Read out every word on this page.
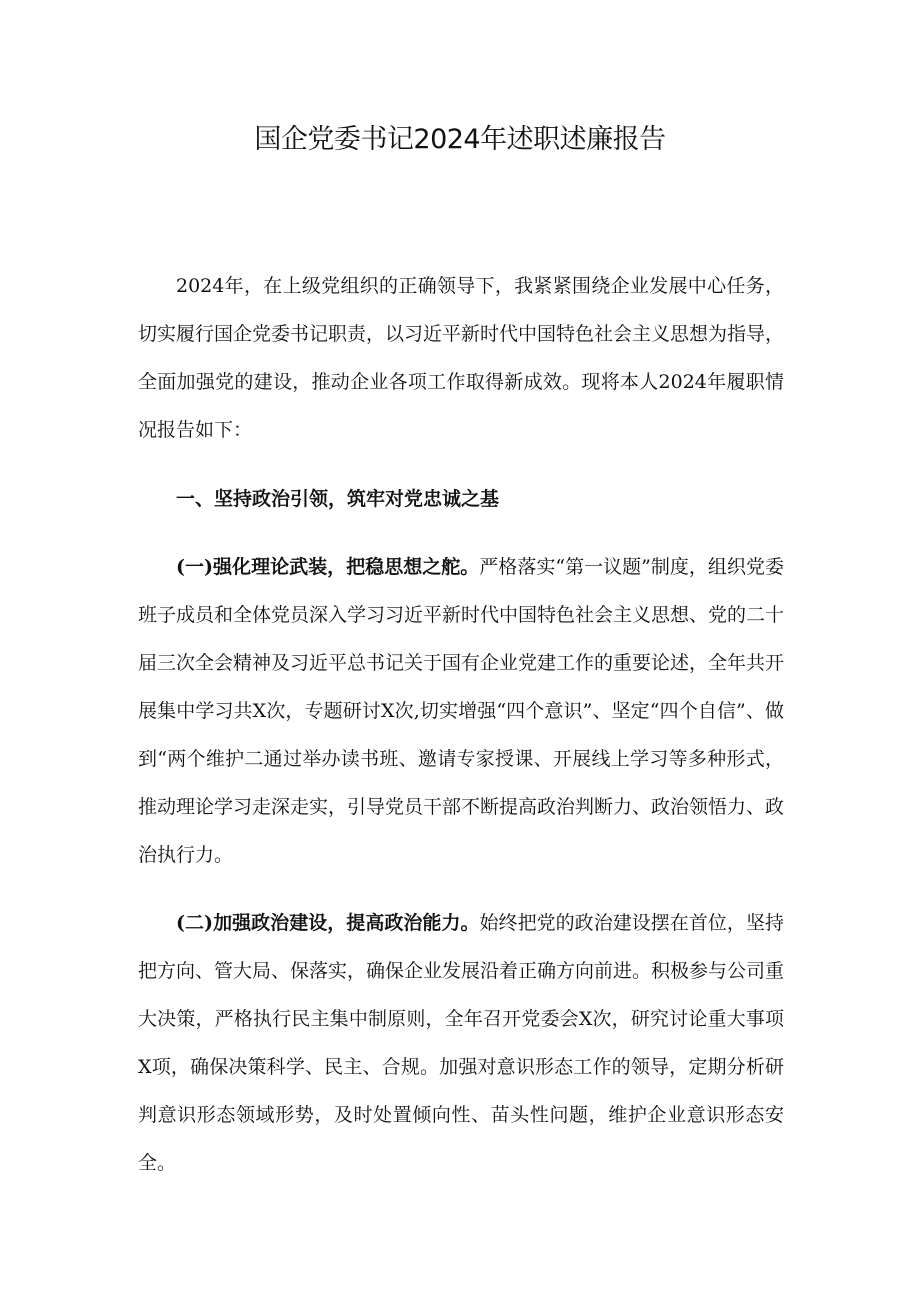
国企党委书记2024年述职述廉报告

2024年，在上级党组织的正确领导下，我紧紧围绕企业发展中心任务，切实履行国企党委书记职责，以习近平新时代中国特色社会主义思想为指导，全面加强党的建设，推动企业各项工作取得新成效。现将本人2024年履职情况报告如下：

一、坚持政治引领，筑牢对党忠诚之基

(一)强化理论武装，把稳思想之舵。严格落实“第一议题”制度，组织党委班子成员和全体党员深入学习习近平新时代中国特色社会主义思想、党的二十届三次全会精神及习近平总书记关于国有企业党建工作的重要论述，全年共开展集中学习共X次，专题研讨X次,切实增强“四个意识”、坚定“四个自信”、做到“两个维护二通过举办读书班、邀请专家授课、开展线上学习等多种形式，推动理论学习走深走实，引导党员干部不断提高政治判断力、政治领悟力、政治执行力。

(二)加强政治建设，提高政治能力。始终把党的政治建设摆在首位，坚持把方向、管大局、保落实，确保企业发展沿着正确方向前进。积极参与公司重大决策，严格执行民主集中制原则，全年召开党委会X次，研究讨论重大事项X项，确保决策科学、民主、合规。加强对意识形态工作的领导，定期分析研判意识形态领域形势，及时处置倾向性、苗头性问题，维护企业意识形态安全。
